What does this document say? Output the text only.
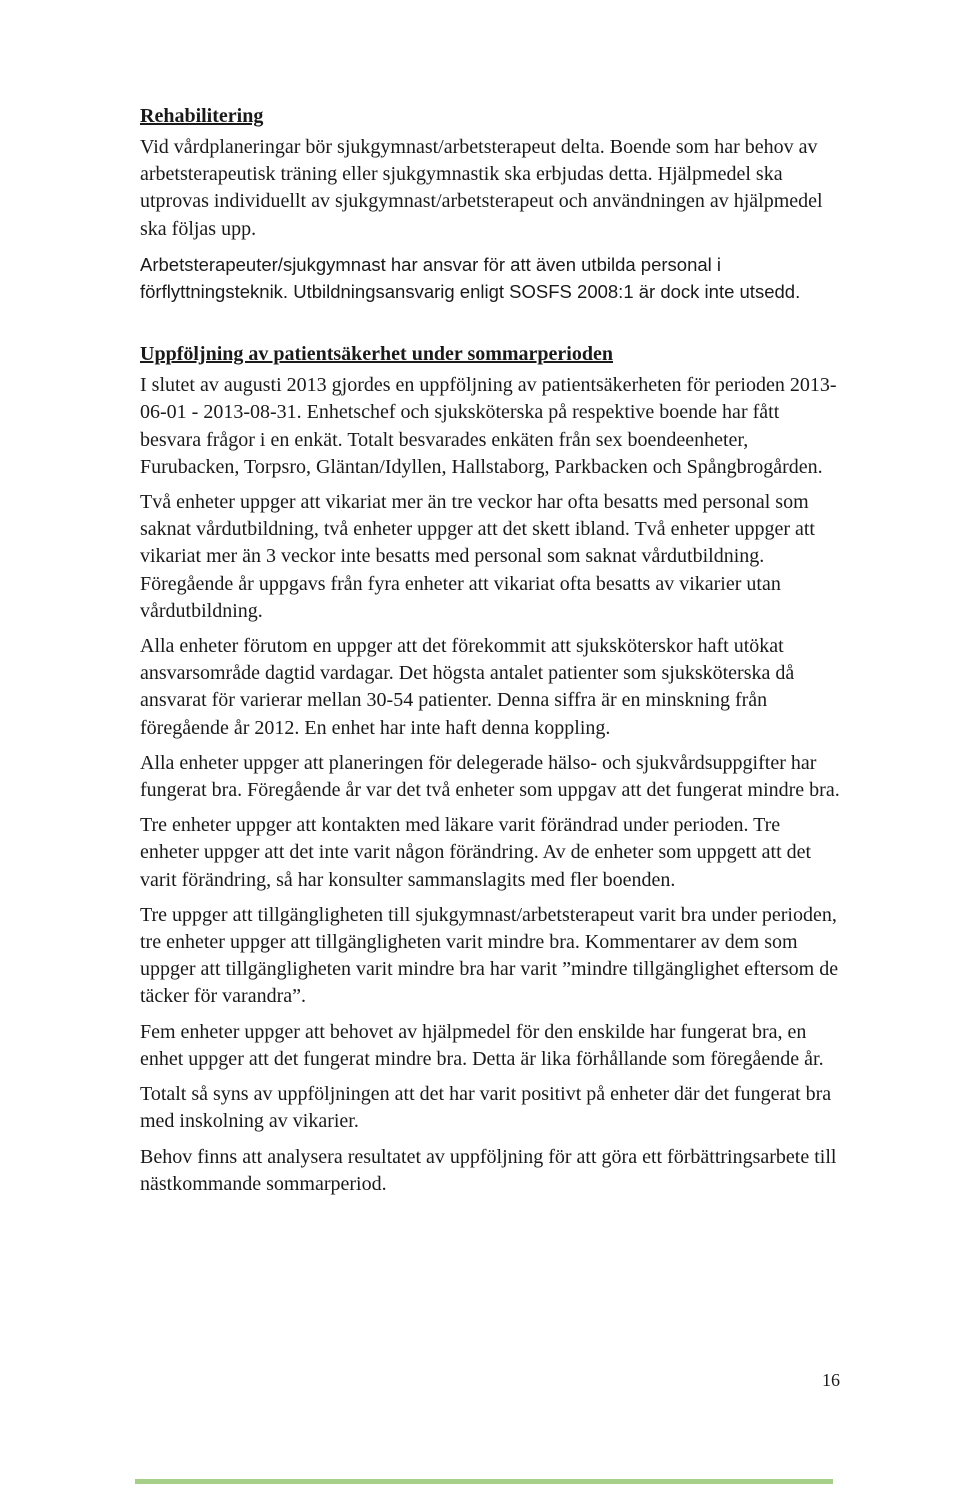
Rehabilitering

Vid vårdplaneringar bör sjukgymnast/arbetsterapeut delta. Boende som har behov av arbetsterapeutisk träning eller sjukgymnastik ska erbjudas detta. Hjälpmedel ska utprovas individuellt av sjukgymnast/arbetsterapeut och användningen av hjälpmedel ska följas upp.

Arbetsterapeuter/sjukgymnast har ansvar för att även utbilda personal i förflyttningsteknik. Utbildningsansvarig enligt SOSFS 2008:1 är dock inte utsedd.

Uppföljning av patientsäkerhet under sommarperioden

I slutet av augusti 2013 gjordes en uppföljning av patientsäkerheten för perioden 2013-06-01 - 2013-08-31. Enhetschef och sjuksköterska på respektive boende har fått besvara frågor i en enkät. Totalt besvarades enkäten från sex boendeenheter, Furubacken, Torpsro, Gläntan/Idyllen, Hallstaborg, Parkbacken och Spångbrogården.

Två enheter uppger att vikariat mer än tre veckor har ofta besatts med personal som saknat vårdutbildning, två enheter uppger att det skett ibland. Två enheter uppger att vikariat mer än 3 veckor inte besatts med personal som saknat vårdutbildning. Föregående år uppgavs från fyra enheter att vikariat ofta besatts av vikarier utan vårdutbildning.

Alla enheter förutom en uppger att det förekommit att sjuksköterskor haft utökat ansvarsområde dagtid vardagar. Det högsta antalet patienter som sjuksköterska då ansvarat för varierar mellan 30-54 patienter. Denna siffra är en minskning från föregående år 2012. En enhet har inte haft denna koppling.

Alla enheter uppger att planeringen för delegerade hälso- och sjukvårdsuppgifter har fungerat bra. Föregående år var det två enheter som uppgav att det fungerat mindre bra.

Tre enheter uppger att kontakten med läkare varit förändrad under perioden. Tre enheter uppger att det inte varit någon förändring. Av de enheter som uppgett att det varit förändring, så har konsulter sammanslagits med fler boenden.

Tre uppger att tillgängligheten till sjukgymnast/arbetsterapeut varit bra under perioden, tre enheter uppger att tillgängligheten varit mindre bra. Kommentarer av dem som uppger att tillgängligheten varit mindre bra har varit ”mindre tillgänglighet eftersom de täcker för varandra”.

Fem enheter uppger att behovet av hjälpmedel för den enskilde har fungerat bra, en enhet uppger att det fungerat mindre bra. Detta är lika förhållande som föregående år.

Totalt så syns av uppföljningen att det har varit positivt på enheter där det fungerat bra med inskolning av vikarier.

Behov finns att analysera resultatet av uppföljning för att göra ett förbättringsarbete till nästkommande sommarperiod.

16
